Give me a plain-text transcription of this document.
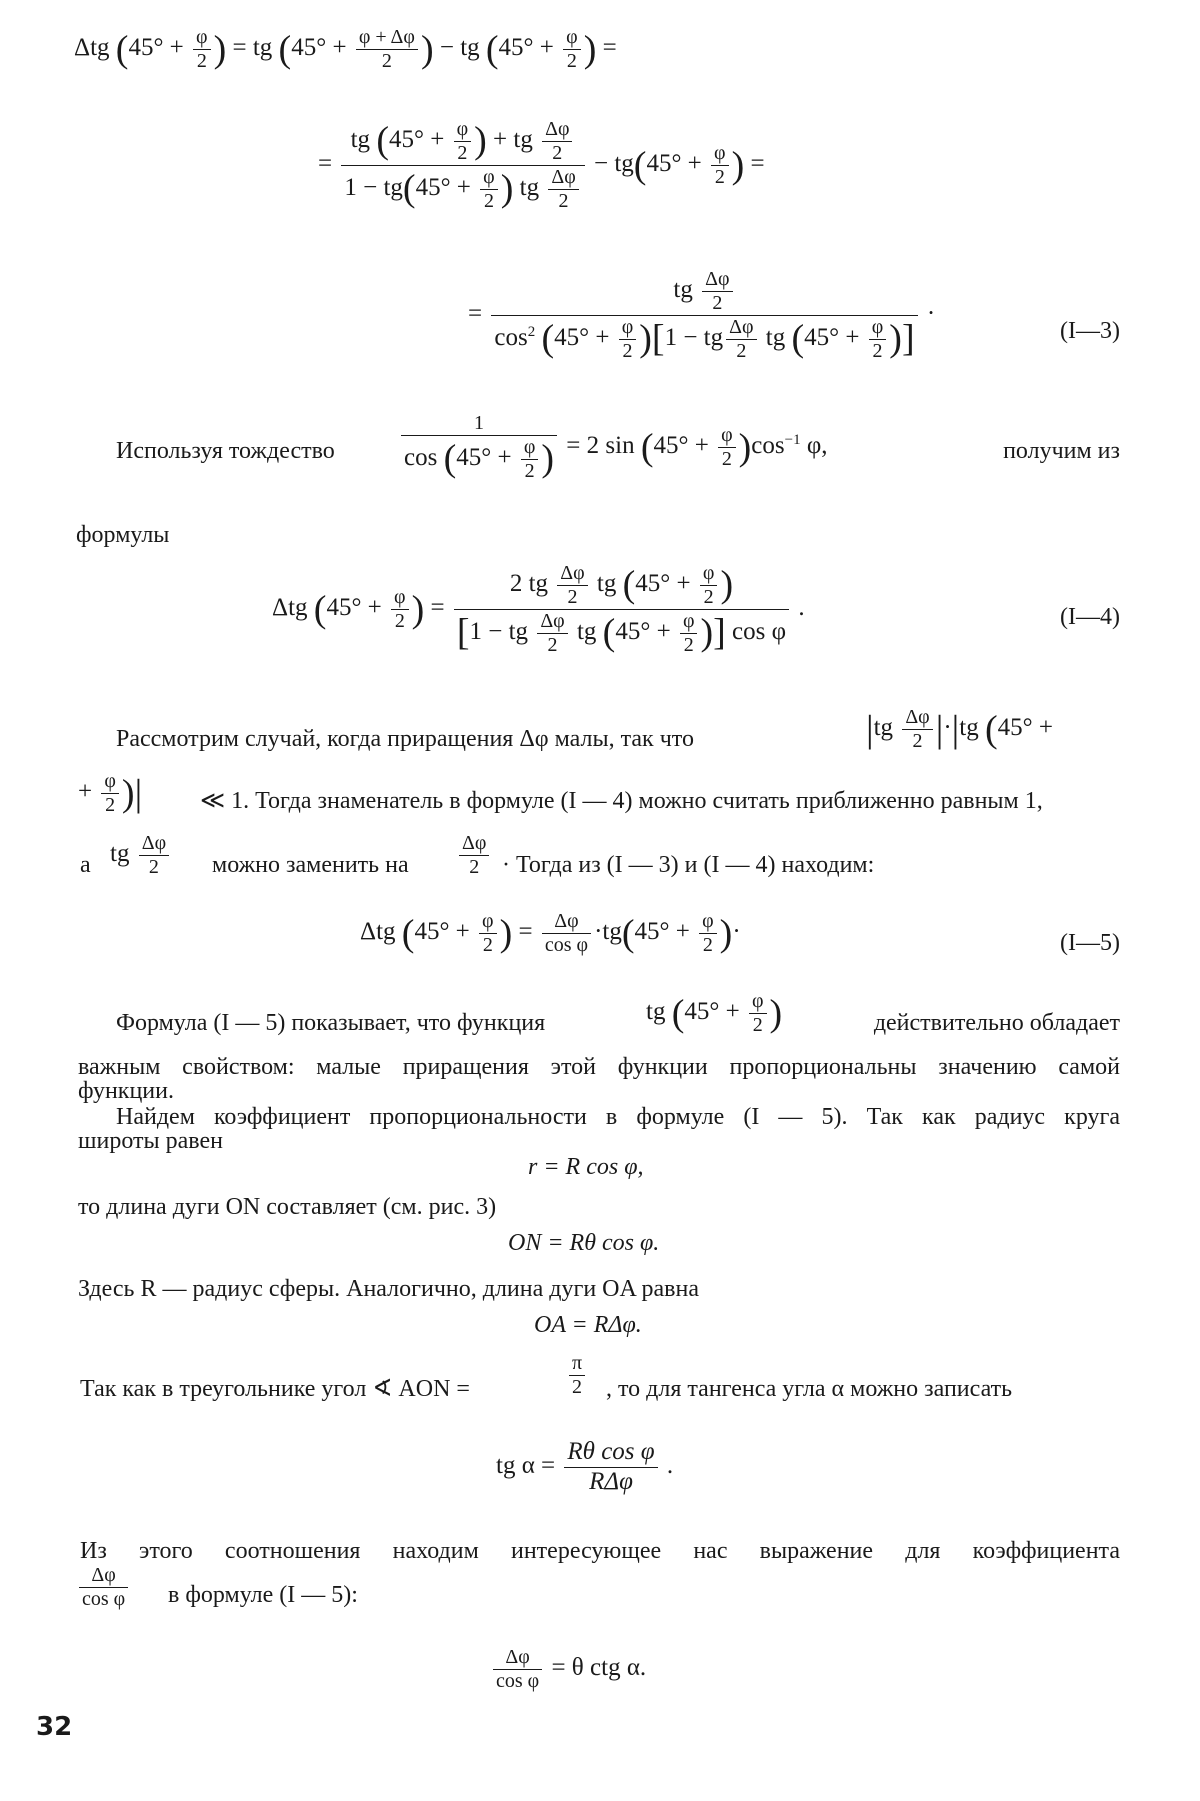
Δtg ($45^\circ + \frac{\varphi}{2}$ ) = tg ($45^\circ + \frac{\varphi + \Delta\varphi}{2}$ ) − tg ($45^\circ + \frac{\varphi}{2}$ ) =
= $\frac{tg (45^\circ + \frac{\varphi}{2} ) + tg \frac{\Delta\varphi}{2}}{1 - tg(45^\circ + \frac{\varphi}{2} ) tg \frac{\Delta\varphi}{2}} - tg(45^\circ + \frac{\varphi}{2}$ ) =
= $\frac{tg \frac{\Delta\varphi}{2}}{\cos^2 (45^\circ + \frac{\varphi}{2} )[1 - tg \frac{\Delta\varphi}{2} tg (45^\circ + \frac{\varphi}{2} )]}$ ·
(I—3)
Используя тождество	$\frac{1}{\cos (45^\circ + \frac{\varphi}{2} )} = 2$ $\sin (45^\circ + \frac{\varphi}{2} )\cos^{-1}$ φ,	получим из
формулы
Δtg ($45^\circ + \frac{\varphi}{2}$ ) = $\frac{2 tg \frac{\Delta\varphi}{2} tg (45^\circ + \frac{\varphi}{2} )}{[1 - tg \frac{\Delta\varphi}{2} tg (45^\circ + \frac{\varphi}{2} )] \cos \varphi}$ .	(I—4)
Рассмотрим случай, когда приращения Δφ малы, так что	$|tg \frac{\Delta\varphi}{2} |\cdot|tg$ (45° +
+ $\frac{\varphi}{2}$ )| ≪ 1. Тогда знаменатель в формуле (I — 4) можно считать приближенно равным 1,
a tg $\frac{\Delta\varphi}{2}$ можно заменить на	$\frac{\Delta\varphi}{2}$ · Тогда из (I — 3) и (I — 4) находим:
Δtg ($45^\circ + \frac{\varphi}{2}$ ) = $\frac{\Delta\varphi}{\text{cos φ}} \cdot tg(45^\circ + \frac{\varphi}{2}$ )·	(I—5)
Формула (I — 5) показывает, что функция	tg ($45^\circ + \frac{\varphi}{2}$ )	действительно обладает
важным свойством: малые приращения этой функции пропорциональны значению самой
функции.
Найдем коэффициент пропорциональности в формуле (I — 5). Так как радиус круга
широты равен
r = R cos φ,
то длина дуги ON составляет (см. рис. 3)
ON = Rθ cos φ.
Здесь R — радиус сферы. Аналогично, длина дуги OA равна
OA = RΔφ.
Так как в треугольнике угол ∢ AON =	$\frac{\pi}{2}$ , то для тангенса угла α можно записать
tg $\alpha = \frac{\text{Rθ cos φ}}{\text{RΔφ}}$ .
Из этого соотношения находим интересующее нас выражение для коэффициента
$\frac{\Delta\varphi}{\text{cos φ}}$ в формуле (I — 5):
$\frac{\Delta\varphi}{\text{cos φ}} = \theta$ ctg α.
32
